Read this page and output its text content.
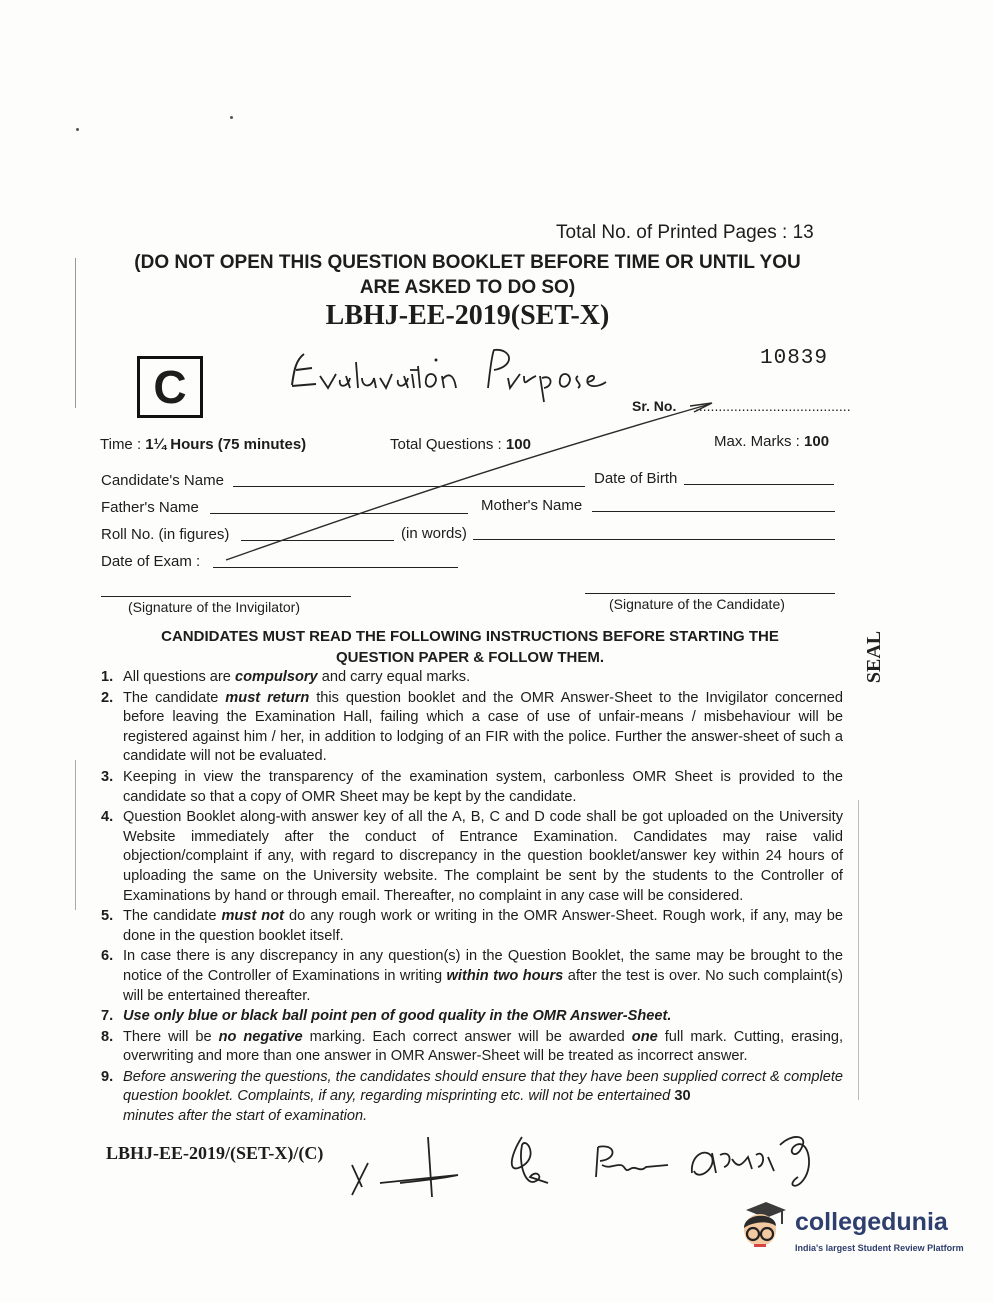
Total No. of Printed Pages : 13
(DO NOT OPEN THIS QUESTION BOOKLET BEFORE TIME OR UNTIL YOU
ARE ASKED TO DO SO)
LBHJ-EE-2019(SET-X)
C
10839
Sr. No. ........................................
Time : 1¼ Hours (75 minutes)	Total Questions : 100	Max. Marks : 100
Candidate's Name	Date of Birth
Father's Name	Mother's Name
Roll No. (in figures)	(in words)
Date of Exam :
(Signature of the Invigilator)	(Signature of the Candidate)
CANDIDATES MUST READ THE FOLLOWING INSTRUCTIONS BEFORE STARTING THE
QUESTION PAPER & FOLLOW THEM.	SEAL
1. All questions are compulsory and carry equal marks.
2. The candidate must return this question booklet and the OMR Answer-Sheet to the Invigilator concerned before leaving the Examination Hall, failing which a case of use of unfair-means / misbehaviour will be registered against him / her, in addition to lodging of an FIR with the police. Further the answer-sheet of such a candidate will not be evaluated.
3. Keeping in view the transparency of the examination system, carbonless OMR Sheet is provided to the candidate so that a copy of OMR Sheet may be kept by the candidate.
4. Question Booklet along-with answer key of all the A, B, C and D code shall be got uploaded on the University Website immediately after the conduct of Entrance Examination. Candidates may raise valid objection/complaint if any, with regard to discrepancy in the question booklet/answer key within 24 hours of uploading the same on the University website. The complaint be sent by the students to the Controller of Examinations by hand or through email. Thereafter, no complaint in any case will be considered.
5. The candidate must not do any rough work or writing in the OMR Answer-Sheet. Rough work, if any, may be done in the question booklet itself.
6. In case there is any discrepancy in any question(s) in the Question Booklet, the same may be brought to the notice of the Controller of Examinations in writing within two hours after the test is over. No such complaint(s) will be entertained thereafter.
7. Use only blue or black ball point pen of good quality in the OMR Answer-Sheet.
8. There will be no negative marking. Each correct answer will be awarded one full mark. Cutting, erasing, overwriting and more than one answer in OMR Answer-Sheet will be treated as incorrect answer.
9. Before answering the questions, the candidates should ensure that they have been supplied correct & complete question booklet. Complaints, if any, regarding misprinting etc. will not be entertained 30
minutes after the start of examination.
LBHJ-EE-2019/(SET-X)/(C)
collegedunia
India's largest Student Review Platform
